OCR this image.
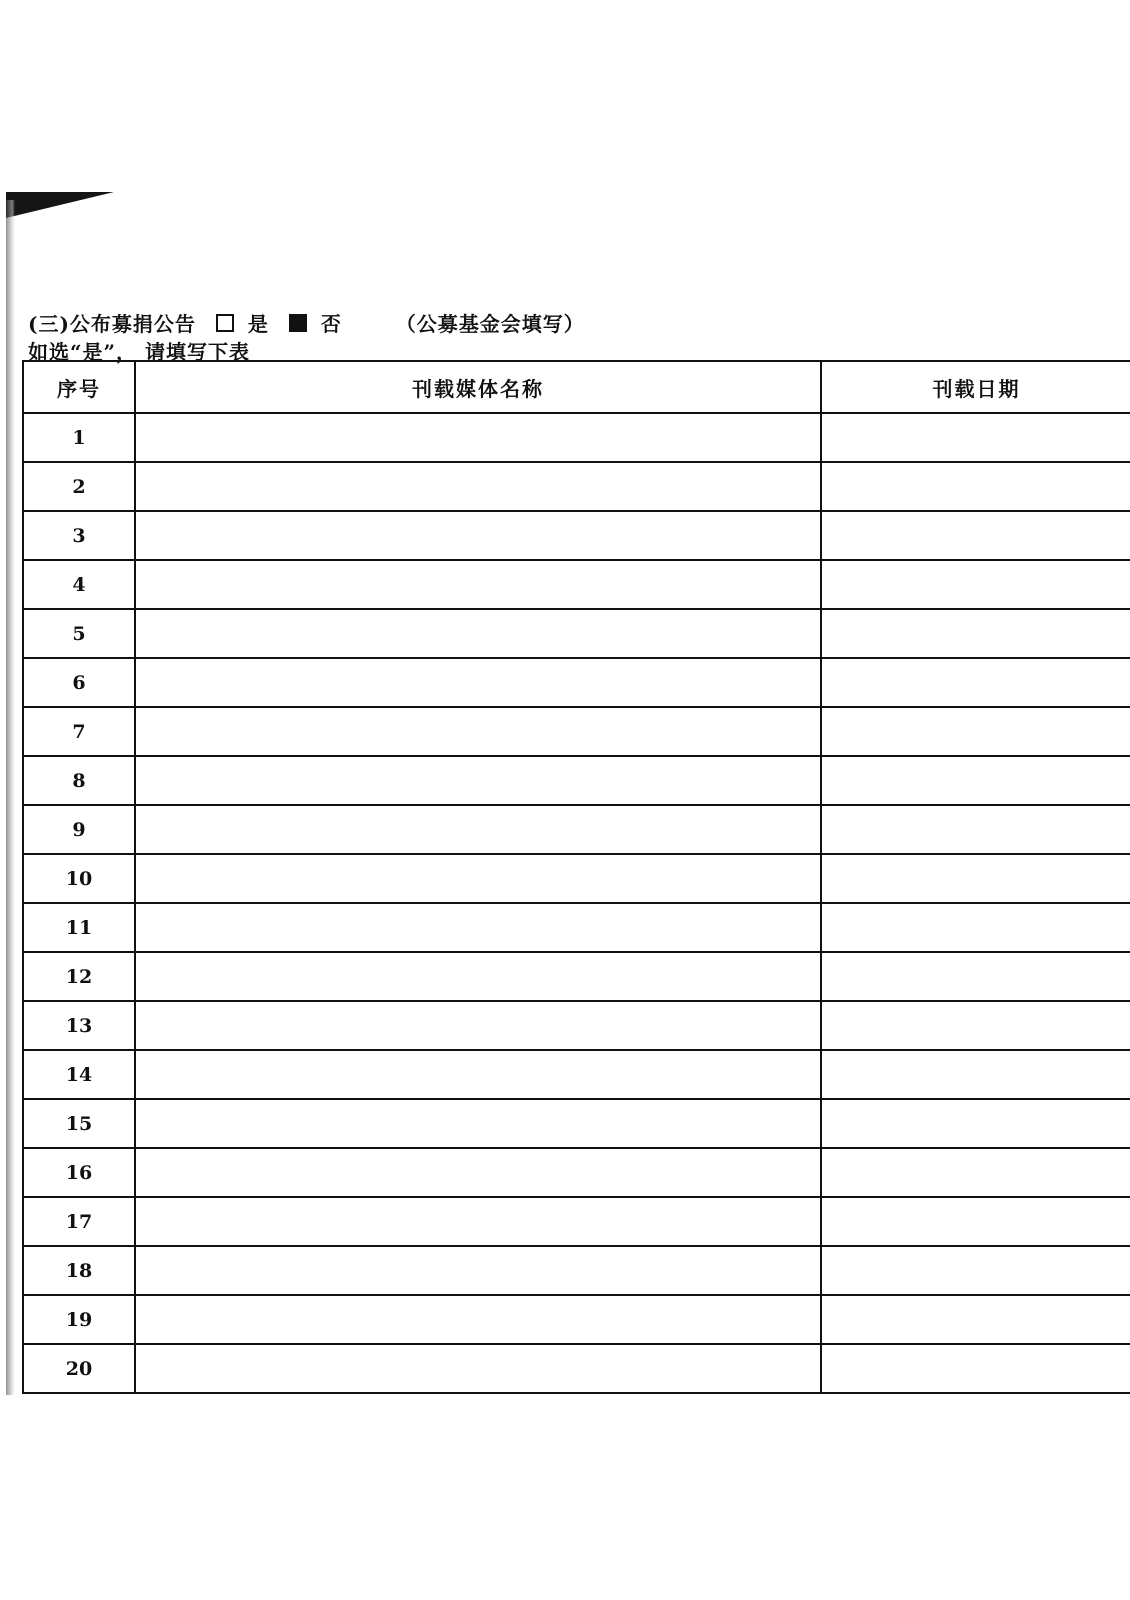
(三)公布募捐公告	是	否	（公募基金会填写）
如选“是”， 请填写下表
序号	刊载媒体名称	刊载日期
1		
2		
3		
4		
5		
6		
7		
8		
9		
10		
11		
12		
13		
14		
15		
16		
17		
18		
19		
20		
